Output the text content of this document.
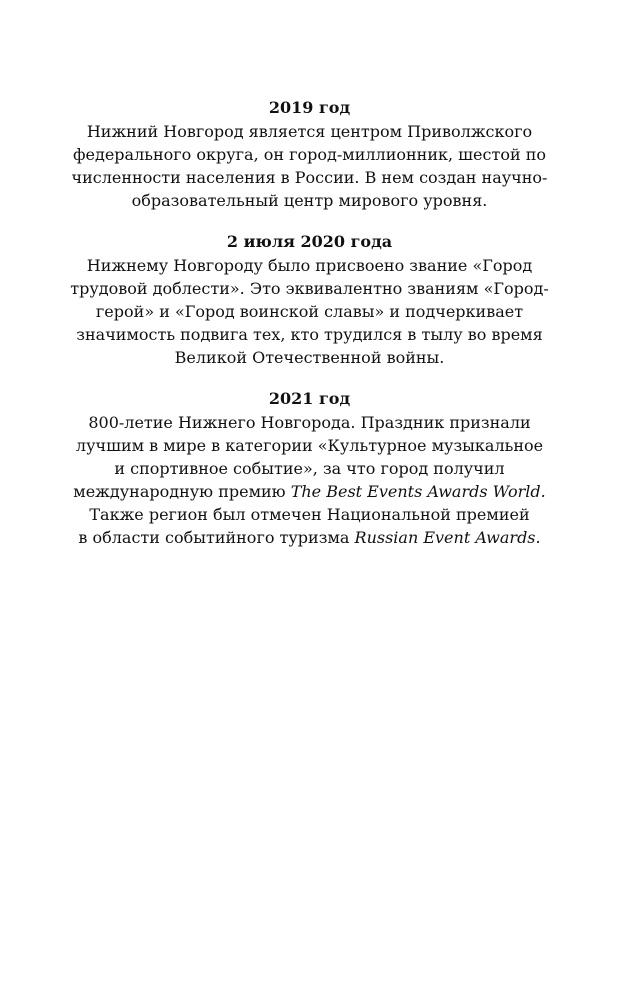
2019 год

Нижний Новгород является центром Приволжского
федерального округа, он город-миллионник, шестой по
численности населения в России. В нем создан научно-
образовательный центр мирового уровня.

2 июля 2020 года

Нижнему Новгороду было присвоено звание «Город
трудовой доблести». Это эквивалентно званиям «Город-
герой» и «Город воинской славы» и подчеркивает
значимость подвига тех, кто трудился в тылу во время
Великой Отечественной войны.

2021 год

800-летие Нижнего Новгорода. Праздник признали
лучшим в мире в категории «Культурное музыкальное
и спортивное событие», за что город получил
международную премию The Best Events Awards World.
Также регион был отмечен Национальной премией
в области событийного туризма Russian Event Awards.
